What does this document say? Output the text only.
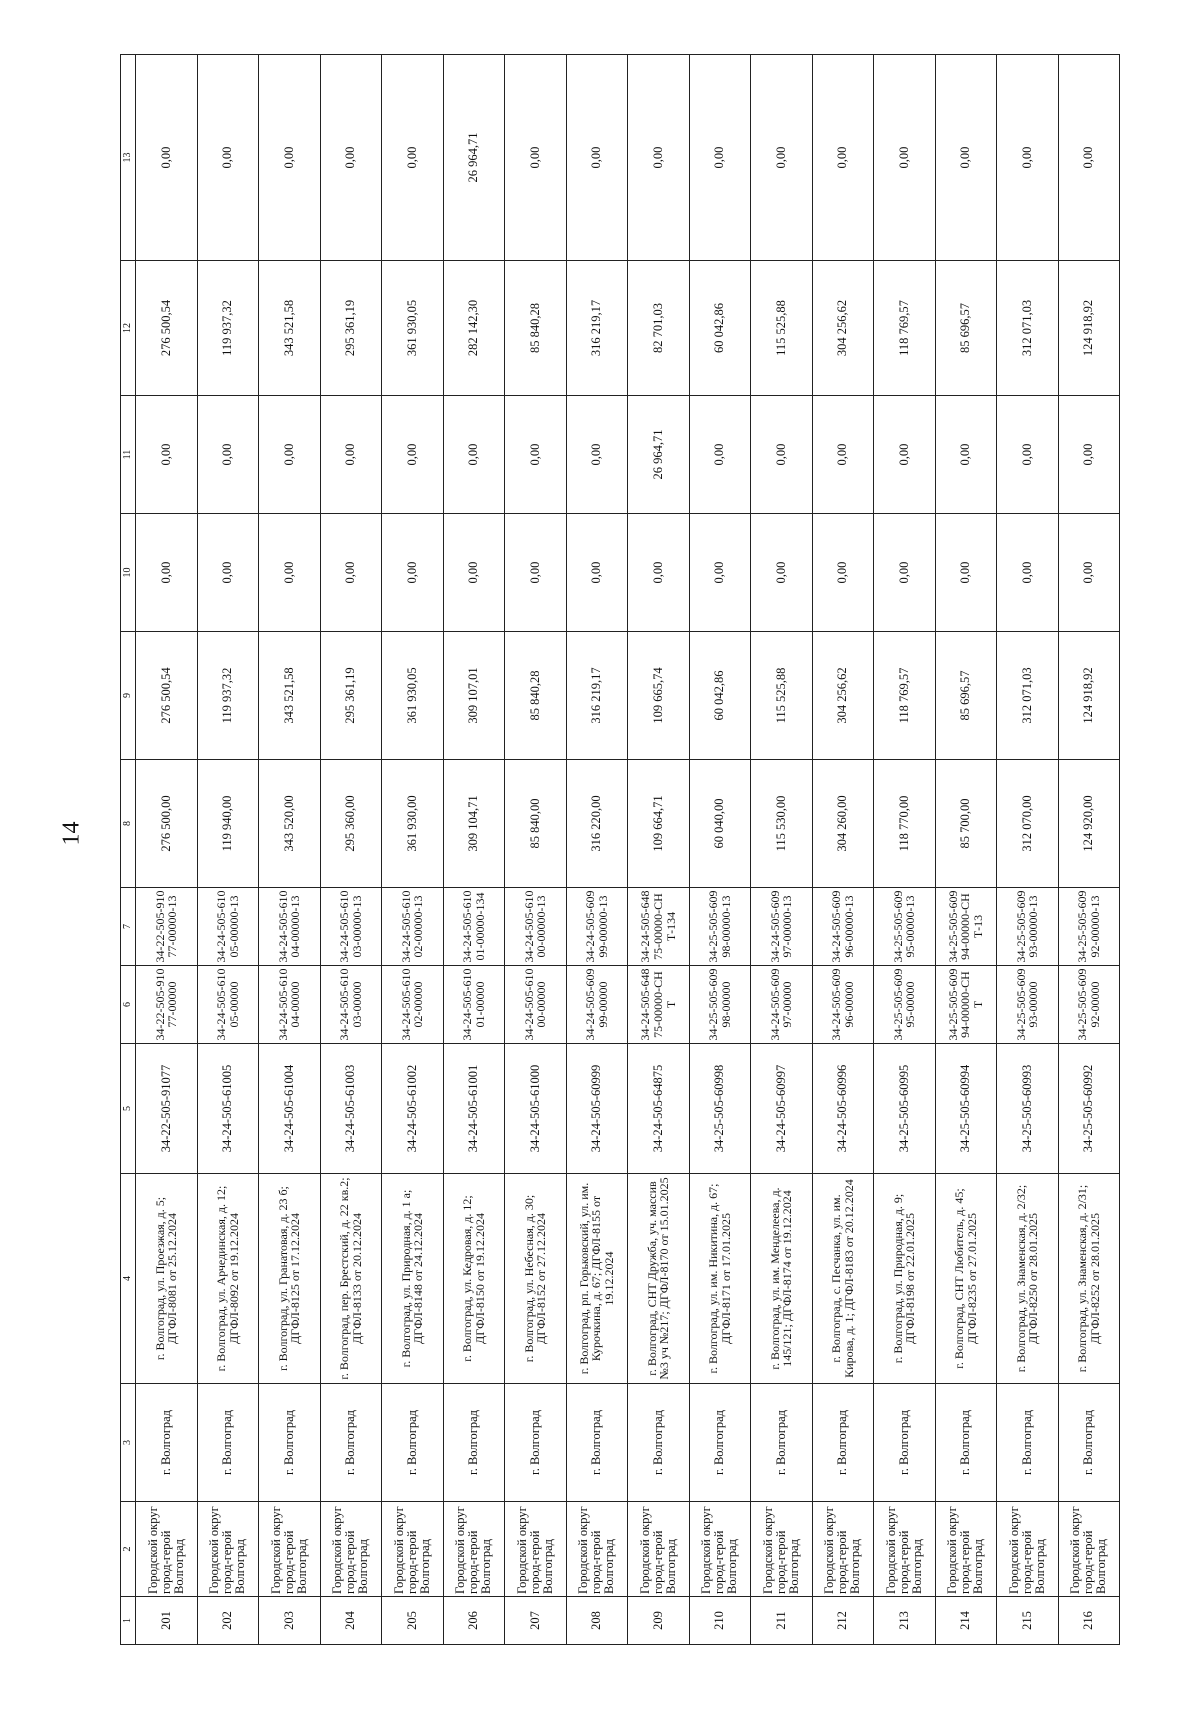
14
1	2	3	4	5	6	7	8	9	10	11	12	13
201	Городской округ город-герой Волгоград	г. Волгоград	г. Волгоград, ул. Проезжая, д. 5; ДГФЛ-8081 от 25.12.2024	34-22-505-91077	34-22-505-91077-00000	34-22-505-91077-00000-13	276 500,00	276 500,54	0,00	0,00	276 500,54	0,00
202	Городской округ город-герой Волгоград	г. Волгоград	г. Волгоград, ул. Арчединская, д. 12; ДГФЛ-8092 от 19.12.2024	34-24-505-61005	34-24-505-61005-00000	34-24-505-61005-00000-13	119 940,00	119 937,32	0,00	0,00	119 937,32	0,00
203	Городской округ город-герой Волгоград	г. Волгоград	г. Волгоград, ул. Гранатовая, д. 23 б; ДГФЛ-8125 от 17.12.2024	34-24-505-61004	34-24-505-61004-00000	34-24-505-61004-00000-13	343 520,00	343 521,58	0,00	0,00	343 521,58	0,00
204	Городской округ город-герой Волгоград	г. Волгоград	г. Волгоград, пер. Брестский, д. 22 кв.2; ДГФЛ-8133 от 20.12.2024	34-24-505-61003	34-24-505-61003-00000	34-24-505-61003-00000-13	295 360,00	295 361,19	0,00	0,00	295 361,19	0,00
205	Городской округ город-герой Волгоград	г. Волгоград	г. Волгоград, ул. Природная, д. 1 а; ДГФЛ-8148 от 24.12.2024	34-24-505-61002	34-24-505-61002-00000	34-24-505-61002-00000-13	361 930,00	361 930,05	0,00	0,00	361 930,05	0,00
206	Городской округ город-герой Волгоград	г. Волгоград	г. Волгоград, ул. Кедровая, д. 12; ДГФЛ-8150 от 19.12.2024	34-24-505-61001	34-24-505-61001-00000	34-24-505-61001-00000-134	309 104,71	309 107,01	0,00	0,00	282 142,30	26 964,71
207	Городской округ город-герой Волгоград	г. Волгоград	г. Волгоград, ул. Небесная, д. 30; ДГФЛ-8152 от 27.12.2024	34-24-505-61000	34-24-505-61000-00000	34-24-505-61000-00000-13	85 840,00	85 840,28	0,00	0,00	85 840,28	0,00
208	Городской округ город-герой Волгоград	г. Волгоград	г. Волгоград, рп. Горьковский, ул. им. Курочкина, д. 67; ДГФЛ-8155 от 19.12.2024	34-24-505-60999	34-24-505-60999-00000	34-24-505-60999-00000-13	316 220,00	316 219,17	0,00	0,00	316 219,17	0,00
209	Городской округ город-герой Волгоград	г. Волгоград	г. Волгоград, СНТ Дружба, уч. массив №3 уч №217; ДГФЛ-8170 от 15.01.2025	34-24-505-64875	34-24-505-64875-00000-СНТ	34-24-505-64875-00000-СНТ-134	109 664,71	109 665,74	0,00	26 964,71	82 701,03	0,00
210	Городской округ город-герой Волгоград	г. Волгоград	г. Волгоград, ул. им. Никитина, д. 67; ДГФЛ-8171 от 17.01.2025	34-25-505-60998	34-25-505-60998-00000	34-25-505-60998-00000-13	60 040,00	60 042,86	0,00	0,00	60 042,86	0,00
211	Городской округ город-герой Волгоград	г. Волгоград	г. Волгоград, ул. им. Менделеева, д. 145/121; ДГФЛ-8174 от 19.12.2024	34-24-505-60997	34-24-505-60997-00000	34-24-505-60997-00000-13	115 530,00	115 525,88	0,00	0,00	115 525,88	0,00
212	Городской округ город-герой Волгоград	г. Волгоград	г. Волгоград, с. Песчанка, ул. им. Кирова, д. 1; ДГФЛ-8183 от 20.12.2024	34-24-505-60996	34-24-505-60996-00000	34-24-505-60996-00000-13	304 260,00	304 256,62	0,00	0,00	304 256,62	0,00
213	Городской округ город-герой Волгоград	г. Волгоград	г. Волгоград, ул. Природная, д. 9; ДГФЛ-8198 от 22.01.2025	34-25-505-60995	34-25-505-60995-00000	34-25-505-60995-00000-13	118 770,00	118 769,57	0,00	0,00	118 769,57	0,00
214	Городской округ город-герой Волгоград	г. Волгоград	г. Волгоград, СНТ Любитель, д. 45; ДГФЛ-8235 от 27.01.2025	34-25-505-60994	34-25-505-60994-00000-СНТ	34-25-505-60994-00000-СНТ-13	85 700,00	85 696,57	0,00	0,00	85 696,57	0,00
215	Городской округ город-герой Волгоград	г. Волгоград	г. Волгоград, ул. Знаменская, д. 2/32; ДГФЛ-8250 от 28.01.2025	34-25-505-60993	34-25-505-60993-00000	34-25-505-60993-00000-13	312 070,00	312 071,03	0,00	0,00	312 071,03	0,00
216	Городской округ город-герой Волгоград	г. Волгоград	г. Волгоград, ул. Знаменская, д. 2/31; ДГФЛ-8252 от 28.01.2025	34-25-505-60992	34-25-505-60992-00000	34-25-505-60992-00000-13	124 920,00	124 918,92	0,00	0,00	124 918,92	0,00
